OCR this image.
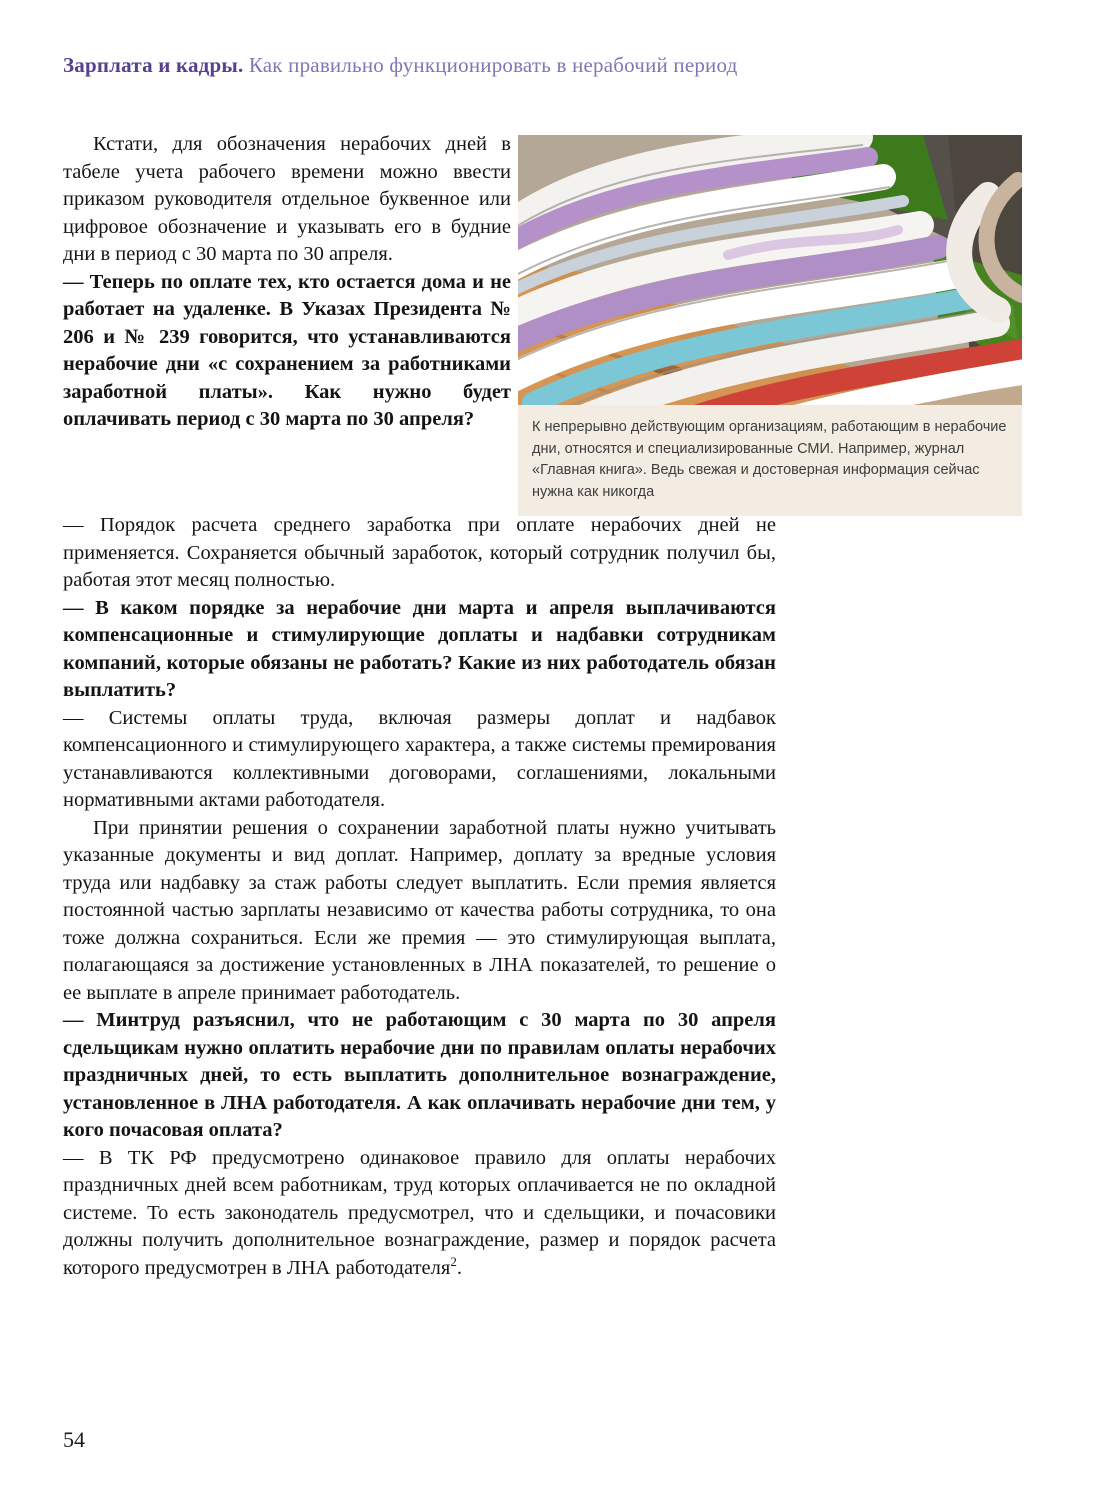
Зарплата и кадры. Как правильно функционировать в нерабочий период
К непрерывно действующим организациям, работающим в нерабочие дни, относятся и специализированные СМИ. Например, журнал «Главная книга». Ведь свежая и достоверная информация сейчас нужна как никогда

Кстати, для обозначения нерабочих дней в табеле учета рабочего времени можно ввести приказом руководителя отдельное буквенное или цифровое обозначение и указывать его в будние дни в период с 30 марта по 30 апреля.

— Теперь по оплате тех, кто остается дома и не работает на удаленке. В Указах Президента № 206 и № 239 говорится, что устанавливаются нерабочие дни «с сохранением за работниками заработной платы». Как нужно будет оплачивать период с 30 марта по 30 апреля?

— Порядок расчета среднего заработка при оплате нерабочих дней не применяется. Сохраняется обычный заработок, который сотрудник получил бы, работая этот месяц полностью.

— В каком порядке за нерабочие дни марта и апреля выплачиваются компенсационные и стимулирующие доплаты и надбавки сотрудникам компаний, которые обязаны не работать? Какие из них работодатель обязан выплатить?

— Системы оплаты труда, включая размеры доплат и надбавок компенсационного и стимулирующего характера, а также системы премирования устанавливаются коллективными договорами, соглашениями, локальными нормативными актами работодателя.

При принятии решения о сохранении заработной платы нужно учитывать указанные документы и вид доплат. Например, доплату за вредные условия труда или надбавку за стаж работы следует выплатить. Если премия является постоянной частью зарплаты независимо от качества работы сотрудника, то она тоже должна сохраниться. Если же премия — это стимулирующая выплата, полагающаяся за достижение установленных в ЛНА показателей, то решение о ее выплате в апреле принимает работодатель.

— Минтруд разъяснил, что не работающим с 30 марта по 30 апреля сдельщикам нужно оплатить нерабочие дни по правилам оплаты нерабочих праздничных дней, то есть выплатить дополнительное вознаграждение, установленное в ЛНА работодателя. А как оплачивать нерабочие дни тем, у кого почасовая оплата?

— В ТК РФ предусмотрено одинаковое правило для оплаты нерабочих праздничных дней всем работникам, труд которых оплачивается не по окладной системе. То есть законодатель предусмотрел, что и сдельщики, и почасовики должны получить дополнительное вознаграждение, размер и порядок расчета которого предусмотрен в ЛНА работодателя$^2$.

54
